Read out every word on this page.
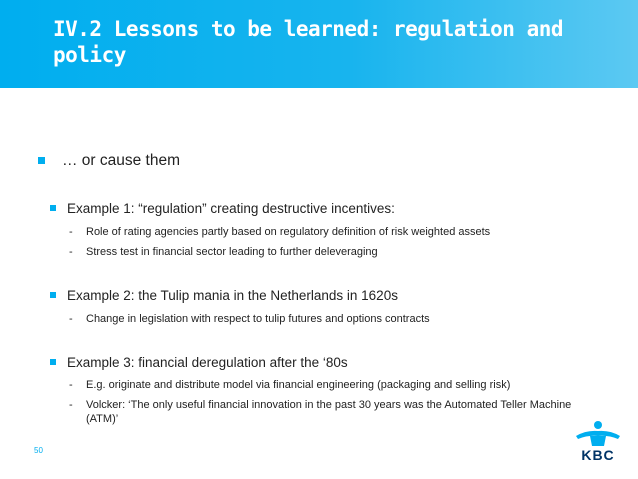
IV.2 Lessons to be learned: regulation and policy
… or cause them
Example 1: “regulation” creating destructive incentives:
- Role of rating agencies partly based on regulatory definition of risk weighted assets
- Stress test in financial sector leading to further deleveraging
Example 2: the Tulip mania in the Netherlands in 1620s
- Change in legislation with respect to tulip futures and options contracts
Example 3: financial deregulation after the ‘80s
- E.g. originate and distribute model via financial engineering (packaging and selling risk)
- Volcker: ‘The only useful financial innovation in the past 30 years was the Automated Teller Machine (ATM)’
50	KBC
